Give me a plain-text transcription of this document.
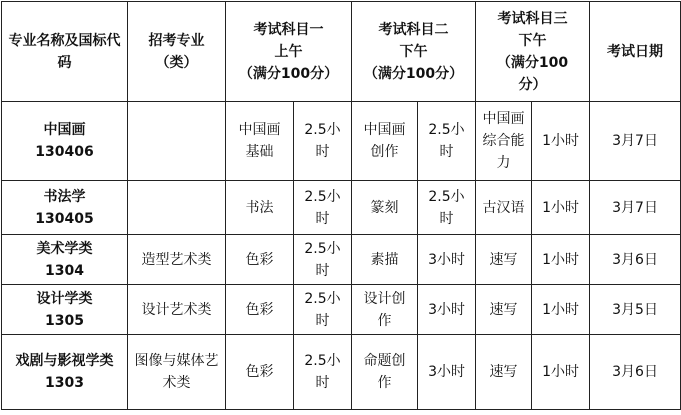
专业名称及国标代码	招考专业
（类）	考试科目一
上午
（满分100分）		考试科目二
下午
（满分100分）		考试科目三
下午
（满分100
分）		考试日期

中国画
130406		中国画
基础	2.5小
时	中国画
创作	2.5小
时	中国画
综合能
力	1小时	3月7日

书法学
130405		书法	2.5小
时	篆刻	2.5小
时	古汉语	1小时	3月7日

美术学类
1304	造型艺术类	色彩	2.5小
时	素描	3小时	速写	1小时	3月6日

设计学类
1305	设计艺术类	色彩	2.5小
时	设计创
作	3小时	速写	1小时	3月5日

戏剧与影视学类
1303	图像与媒体艺术类	色彩	2.5小
时	命题创
作	3小时	速写	1小时	3月6日
